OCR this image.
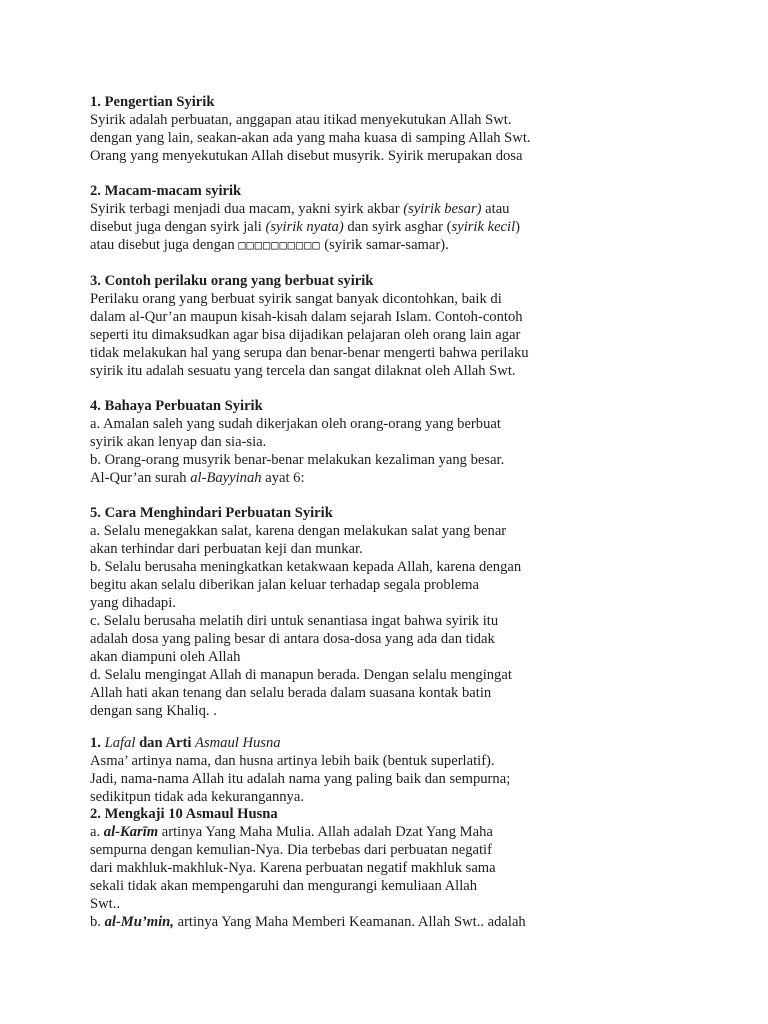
1. Pengertian Syirik
Syirik adalah perbuatan, anggapan atau itikad menyekutukan Allah Swt.
dengan yang lain, seakan-akan ada yang maha kuasa di samping Allah Swt.
Orang yang menyekutukan Allah disebut musyrik. Syirik merupakan dosa
2. Macam-macam syirik
Syirik terbagi menjadi dua macam, yakni syirk akbar (syirik besar) atau
disebut juga dengan syirk jali (syirik nyata) dan syirk asghar (syirik kecil)
atau disebut juga dengan □□□□□□□□□□ (syirik samar-samar).
3. Contoh perilaku orang yang berbuat syirik
Perilaku orang yang berbuat syirik sangat banyak dicontohkan, baik di
dalam al-Qur’an maupun kisah-kisah dalam sejarah Islam. Contoh-contoh
seperti itu dimaksudkan agar bisa dijadikan pelajaran oleh orang lain agar
tidak melakukan hal yang serupa dan benar-benar mengerti bahwa perilaku
syirik itu adalah sesuatu yang tercela dan sangat dilaknat oleh Allah Swt.
4. Bahaya Perbuatan Syirik
a. Amalan saleh yang sudah dikerjakan oleh orang-orang yang berbuat
syirik akan lenyap dan sia-sia.
b. Orang-orang musyrik benar-benar melakukan kezaliman yang besar.
Al-Qur’an surah al-Bayyinah ayat 6:
5. Cara Menghindari Perbuatan Syirik
a. Selalu menegakkan salat, karena dengan melakukan salat yang benar
akan terhindar dari perbuatan keji dan munkar.
b. Selalu berusaha meningkatkan ketakwaan kepada Allah, karena dengan
begitu akan selalu diberikan jalan keluar terhadap segala problema
yang dihadapi.
c. Selalu berusaha melatih diri untuk senantiasa ingat bahwa syirik itu
adalah dosa yang paling besar di antara dosa-dosa yang ada dan tidak
akan diampuni oleh Allah
d. Selalu mengingat Allah di manapun berada. Dengan selalu mengingat
Allah hati akan tenang dan selalu berada dalam suasana kontak batin
dengan sang Khaliq. .
1. Lafal dan Arti Asmaul Husna
Asma’ artinya nama, dan husna artinya lebih baik (bentuk superlatif).
Jadi, nama-nama Allah itu adalah nama yang paling baik dan sempurna;
sedikitpun tidak ada kekurangannya.
2. Mengkaji 10 Asmaul Husna
a. al-Karīm artinya Yang Maha Mulia. Allah adalah Dzat Yang Maha
sempurna dengan kemulian-Nya. Dia terbebas dari perbuatan negatif
dari makhluk-makhluk-Nya. Karena perbuatan negatif makhluk sama
sekali tidak akan mempengaruhi dan mengurangi kemuliaan Allah
Swt..
b. al-Mu’min, artinya Yang Maha Memberi Keamanan. Allah Swt.. adalah
